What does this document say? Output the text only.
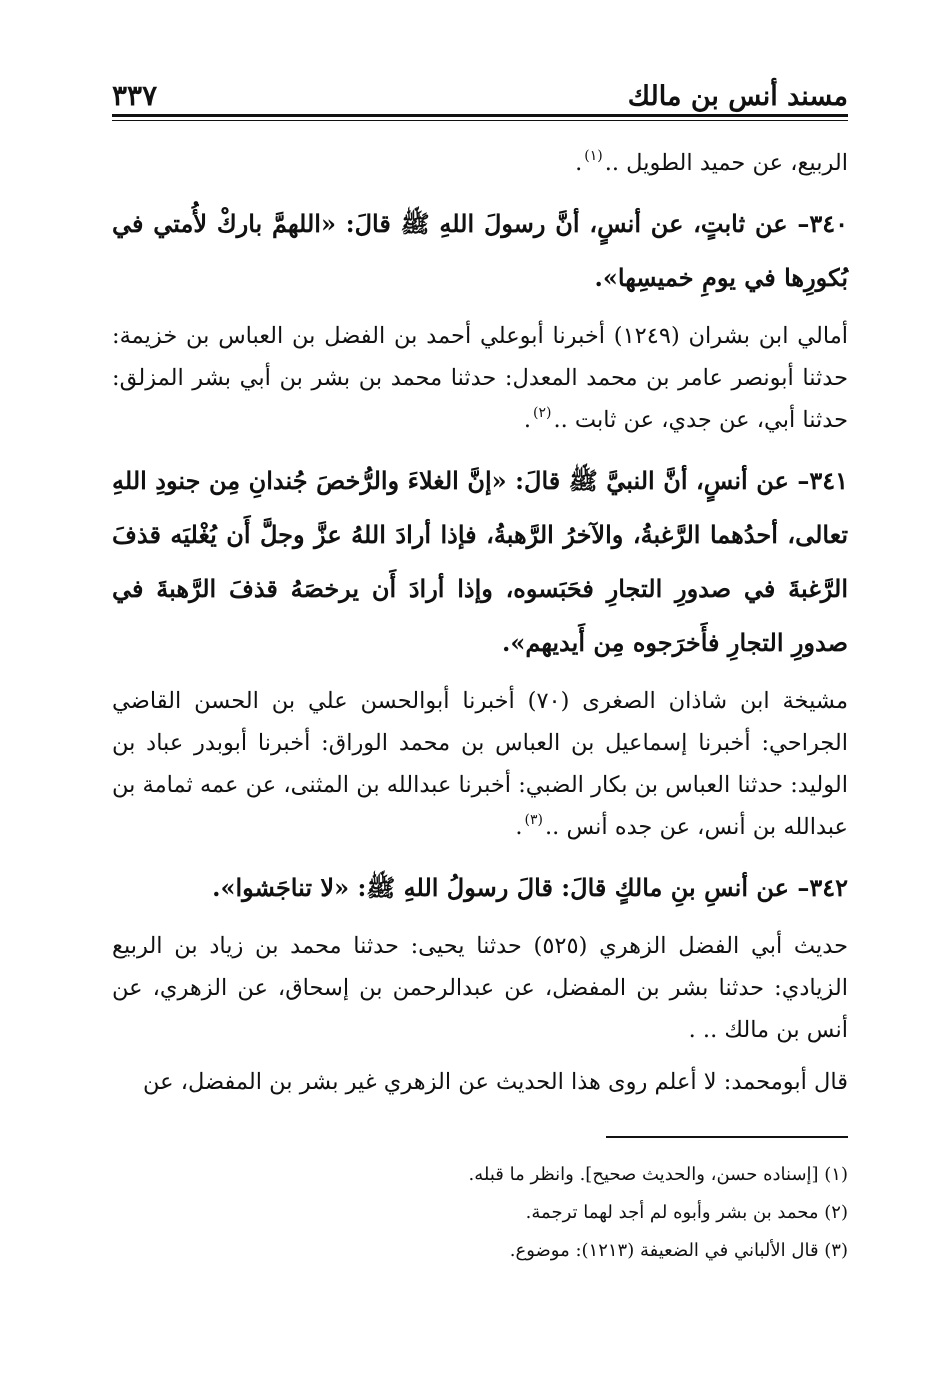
مسند أنس بن مالك
٣٣٧

الربيع، عن حميد الطويل ..$^{(١)}$.

٣٤٠– عن ثابتٍ، عن أنسٍ، أنَّ رسولَ اللهِ ﷺ قالَ: «اللهمَّ باركْ لأُمتي في بُكورِها في يومِ خميسِها».

أمالي ابن بشران (١٢٤٩) أخبرنا أبوعلي أحمد بن الفضل بن العباس بن خزيمة: حدثنا أبونصر عامر بن محمد المعدل: حدثنا محمد بن بشر بن أبي بشر المزلق: حدثنا أبي، عن جدي، عن ثابت ..$^{(٢)}$.

٣٤١– عن أنسٍ، أنَّ النبيَّ ﷺ قالَ: «إنَّ الغلاءَ والرُّخصَ جُندانِ مِن جنودِ اللهِ تعالى، أحدُهما الرَّغبةُ، والآخرُ الرَّهبةُ، فإذا أرادَ اللهُ عزَّ وجلَّ أَن يُغْليَه قذفَ الرَّغبةَ في صدورِ التجارِ فحَبَسوه، وإذا أرادَ أَن يرخصَهُ قذفَ الرَّهبةَ في صدورِ التجارِ فأَخرَجوه مِن أَيديهم».

مشيخة ابن شاذان الصغرى (٧٠) أخبرنا أبوالحسن علي بن الحسن القاضي الجراحي: أخبرنا إسماعيل بن العباس بن محمد الوراق: أخبرنا أبوبدر عباد بن الوليد: حدثنا العباس بن بكار الضبي: أخبرنا عبدالله بن المثنى، عن عمه ثمامة بن عبدالله بن أنس، عن جده أنس ..$^{(٣)}$.

٣٤٢– عن أنسِ بنِ مالكٍ قالَ: قالَ رسولُ اللهِ ﷺ: «لا تناجَشوا».

حديث أبي الفضل الزهري (٥٢٥) حدثنا يحيى: حدثنا محمد بن زياد بن الربيع الزيادي: حدثنا بشر بن المفضل، عن عبدالرحمن بن إسحاق، عن الزهري، عن أنس بن مالك .. .

قال أبومحمد: لا أعلم روى هذا الحديث عن الزهري غير بشر بن المفضل، عن

(١) [إسناده حسن، والحديث صحيح]. وانظر ما قبله.
(٢) محمد بن بشر وأبوه لم أجد لهما ترجمة.
(٣) قال الألباني في الضعيفة (١٢١٣): موضوع.
